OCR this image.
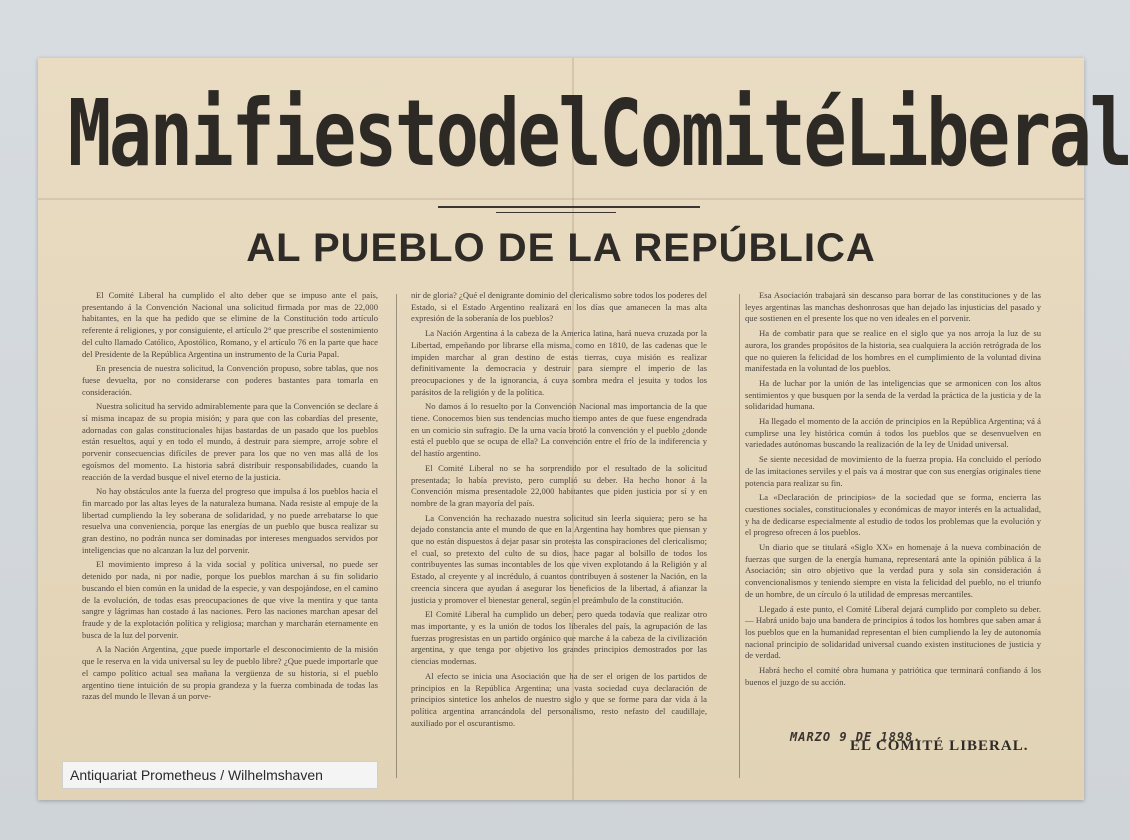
Manifiesto del Comité Liberal
AL PUEBLO DE LA REPÚBLICA

El Comité Liberal ha cumplido el alto deber que se impuso ante el país, presentando á la Convención Nacional una solicitud firmada por mas de 22,000 habitantes, en la que ha pedido que se elimine de la Constitución todo artículo referente á religiones, y por consiguiente, el artículo 2° que prescribe el sostenimiento del culto llamado Católico, Apostólico, Romano, y el artículo 76 en la parte que hace del Presidente de la República Argentina un instrumento de la Curia Papal.

En presencia de nuestra solicitud, la Convención propuso, sobre tablas, que nos fuese devuelta, por no considerarse con poderes bastantes para tomarla en consideración.

Nuestra solicitud ha servido admirablemente para que la Convención se declare á sí misma incapaz de su propia misión; y para que con las cobardías del presente, adornadas con galas constitucionales hijas bastardas de un pasado que los pueblos están resueltos, aquí y en todo el mundo, á destruir para siempre, arroje sobre el porvenir consecuencias difíciles de prever para los que no ven mas allá de los egoísmos del momento. La historia sabrá distribuir responsabilidades, cuando la reacción de la verdad busque el nivel eterno de la justicia.

No hay obstáculos ante la fuerza del progreso que impulsa á los pueblos hacia el fin marcado por las altas leyes de la naturaleza humana. Nada resiste al empuje de la libertad cumpliendo la ley soberana de solidaridad, y no puede arrebatarse lo que resuelva una conveniencia, porque las energías de un pueblo que busca realizar su gran destino, no podrán nunca ser dominadas por intereses menguados servidos por inteligencias que no alcanzan la luz del porvenir.

El movimiento impreso á la vida social y política universal, no puede ser detenido por nada, ni por nadie, porque los pueblos marchan á su fin solidario buscando el bien común en la unidad de la especie, y van despojándose, en el camino de la evolución, de todas esas preocupaciones de que vive la mentira y que tanta sangre y lágrimas han costado á las naciones. Pero las naciones marchan apesar del fraude y de la explotación política y religiosa; marchan y marcharán eternamente en busca de la luz del porvenir.

A la Nación Argentina, ¿que puede importarle el desconocimiento de la misión que le reserva en la vida universal su ley de pueblo libre? ¿Que puede importarle que el campo político actual sea mañana la vergüenza de su historia, si el pueblo argentino tiene intuición de su propia grandeza y la fuerza combinada de todas las razas del mundo le llevan á un porve-

nir de gloria? ¿Qué el denigrante dominio del clericalismo sobre todos los poderes del Estado, si el Estado Argentino realizará en los días que amanecen la mas alta expresión de la soberanía de los pueblos?

La Nación Argentina á la cabeza de la America latina, hará nueva cruzada por la Libertad, empeñando por librarse ella misma, como en 1810, de las cadenas que le impiden marchar al gran destino de estas tierras, cuya misión es realizar definitivamente la democracia y destruir para siempre el imperio de las preocupaciones y de la ignorancia, á cuya sombra medra el jesuita y todos los parásitos de la religión y de la política.

No damos á lo resuelto por la Convención Nacional mas importancia de la que tiene. Conocemos bien sus tendencias mucho tiempo antes de que fuese engendrada en un comicio sin sufragio. De la urna vacía brotó la convención y el pueblo ¿donde está el pueblo que se ocupa de ella? La convención entre el frío de la indiferencia y del hastío argentino.

El Comité Liberal no se ha sorprendido por el resultado de la solicitud presentada; lo había previsto, pero cumplió su deber. Ha hecho honor á la Convención misma presentadole 22,000 habitantes que piden justicia por sí y en nombre de la gran mayoría del país.

La Convención ha rechazado nuestra solicitud sin leerla siquiera; pero se ha dejado constancia ante el mundo de que en la Argentina hay hombres que piensan y que no están dispuestos á dejar pasar sin protesta las conspiraciones del clericalismo; el cual, so pretexto del culto de su dios, hace pagar al bolsillo de todos los contribuyentes las sumas incontables de los que viven explotando á la Religión y al Estado, al creyente y al incrédulo, á cuantos contribuyen á sostener la Nación, en la creencia sincera que ayudan á asegurar los beneficios de la libertad, á afianzar la justicia y promover el bienestar general, según el preámbulo de la constitución.

El Comité Liberal ha cumplido un deber, pero queda todavía que realizar otro mas importante, y es la unión de todos los liberales del país, la agrupación de las fuerzas progresistas en un partido orgánico que marche á la cabeza de la civilización argentina, y que tenga por objetivo los grandes principios demostrados por las ciencias modernas.

Al efecto se inicia una Asociación que ha de ser el origen de los partidos de principios en la República Argentina; una vasta sociedad cuya declaración de principios sintetice los anhelos de nuestro siglo y que se forme para dar vida á la política argentina arrancándola del personalismo, resto nefasto del caudillaje, auxiliado por el oscurantismo.

Esa Asociación trabajará sin descanso para borrar de las constituciones y de las leyes argentinas las manchas deshonrosas que han dejado las injusticias del pasado y que sostienen en el presente los que no ven ideales en el porvenir.

Ha de combatir para que se realice en el siglo que ya nos arroja la luz de su aurora, los grandes propósitos de la historia, sea cualquiera la acción retrógrada de los que no quieren la felicidad de los hombres en el cumplimiento de la voluntad divina manifestada en la voluntad de los pueblos.

Ha de luchar por la unión de las inteligencias que se armonicen con los altos sentimientos y que busquen por la senda de la verdad la práctica de la justicia y de la solidaridad humana.

Ha llegado el momento de la acción de principios en la República Argentina; vá á cumplirse una ley histórica común á todos los pueblos que se desenvuelven en variedades autónomas buscando la realización de la ley de Unidad universal.

Se siente necesidad de movimiento de la fuerza propia. Ha concluido el período de las imitaciones serviles y el país va á mostrar que con sus energías originales tiene potencia para realizar su fin.

La «Declaración de principios» de la sociedad que se forma, encierra las cuestiones sociales, constitucionales y económicas de mayor interés en la actualidad, y ha de dedicarse especialmente al estudio de todos los problemas que la evolución y el progreso ofrecen á los pueblos.

Un diario que se titulará «Siglo XX» en homenaje á la nueva combinación de fuerzas que surgen de la energía humana, representará ante la opinión pública á la Asociación; sin otro objetivo que la verdad pura y sola sin consideración á convencionalismos y teniendo siempre en vista la felicidad del pueblo, no el triunfo de un hombre, de un círculo ó la utilidad de empresas mercantiles.

Llegado á este punto, el Comité Liberal dejará cumplido por completo su deber. — Habrá unido bajo una bandera de principios á todos los hombres que saben amar á los pueblos que en la humanidad representan el bien cumpliendo la ley de autonomía nacional principio de solidaridad universal cuando existen instituciones de justicia y de verdad.

Habrá hecho el comité obra humana y patriótica que terminará confiando á los buenos el juzgo de su acción.

MARZO 9 DE 1898.
EL COMITÉ LIBERAL.
Antiquariat Prometheus / Wilhelmshaven
